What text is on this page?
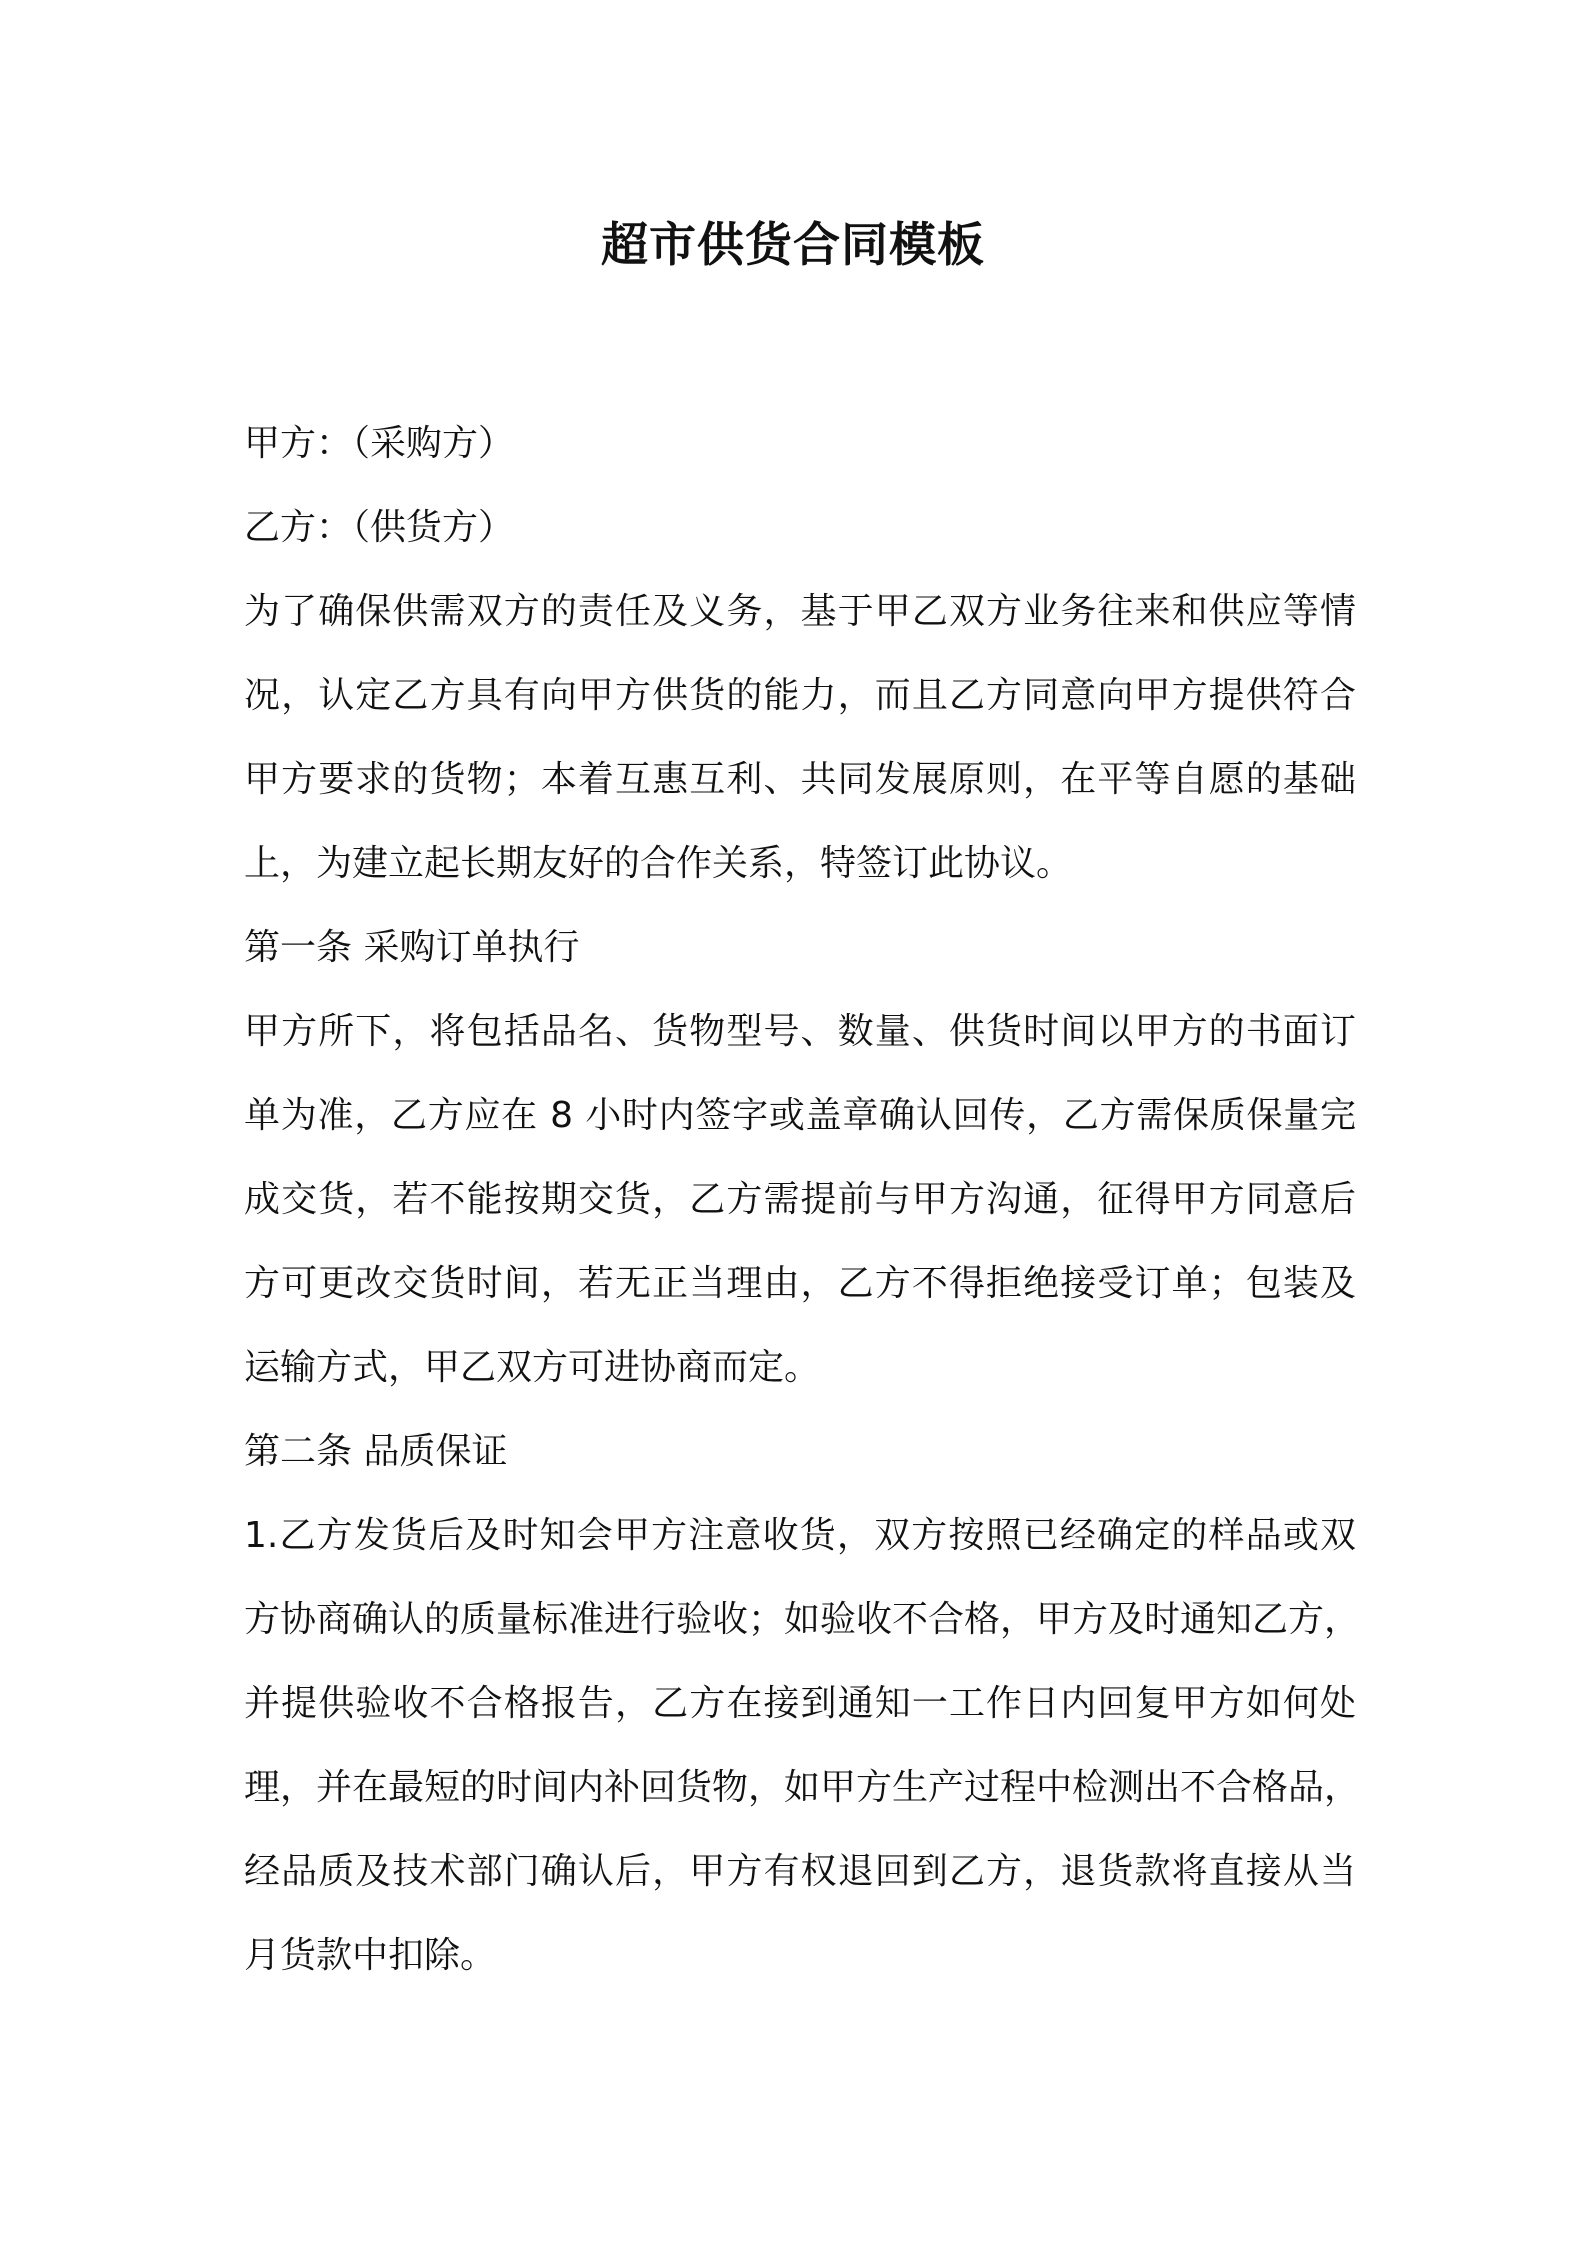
超市供货合同模板
甲方：（采购方）
乙方：（供货方）
为了确保供需双方的责任及义务，基于甲乙双方业务往来和供应等情
况，认定乙方具有向甲方供货的能力，而且乙方同意向甲方提供符合
甲方要求的货物；本着互惠互利、共同发展原则，在平等自愿的基础
上，为建立起长期友好的合作关系，特签订此协议。
第一条 采购订单执行
甲方所下，将包括品名、货物型号、数量、供货时间以甲方的书面订
单为准，乙方应在 8 小时内签字或盖章确认回传，乙方需保质保量完
成交货，若不能按期交货，乙方需提前与甲方沟通，征得甲方同意后
方可更改交货时间，若无正当理由，乙方不得拒绝接受订单；包装及
运输方式，甲乙双方可进协商而定。
第二条 品质保证
1.乙方发货后及时知会甲方注意收货，双方按照已经确定的样品或双
方协商确认的质量标准进行验收；如验收不合格，甲方及时通知乙方，
并提供验收不合格报告，乙方在接到通知一工作日内回复甲方如何处
理，并在最短的时间内补回货物，如甲方生产过程中检测出不合格品，
经品质及技术部门确认后，甲方有权退回到乙方，退货款将直接从当
月货款中扣除。
